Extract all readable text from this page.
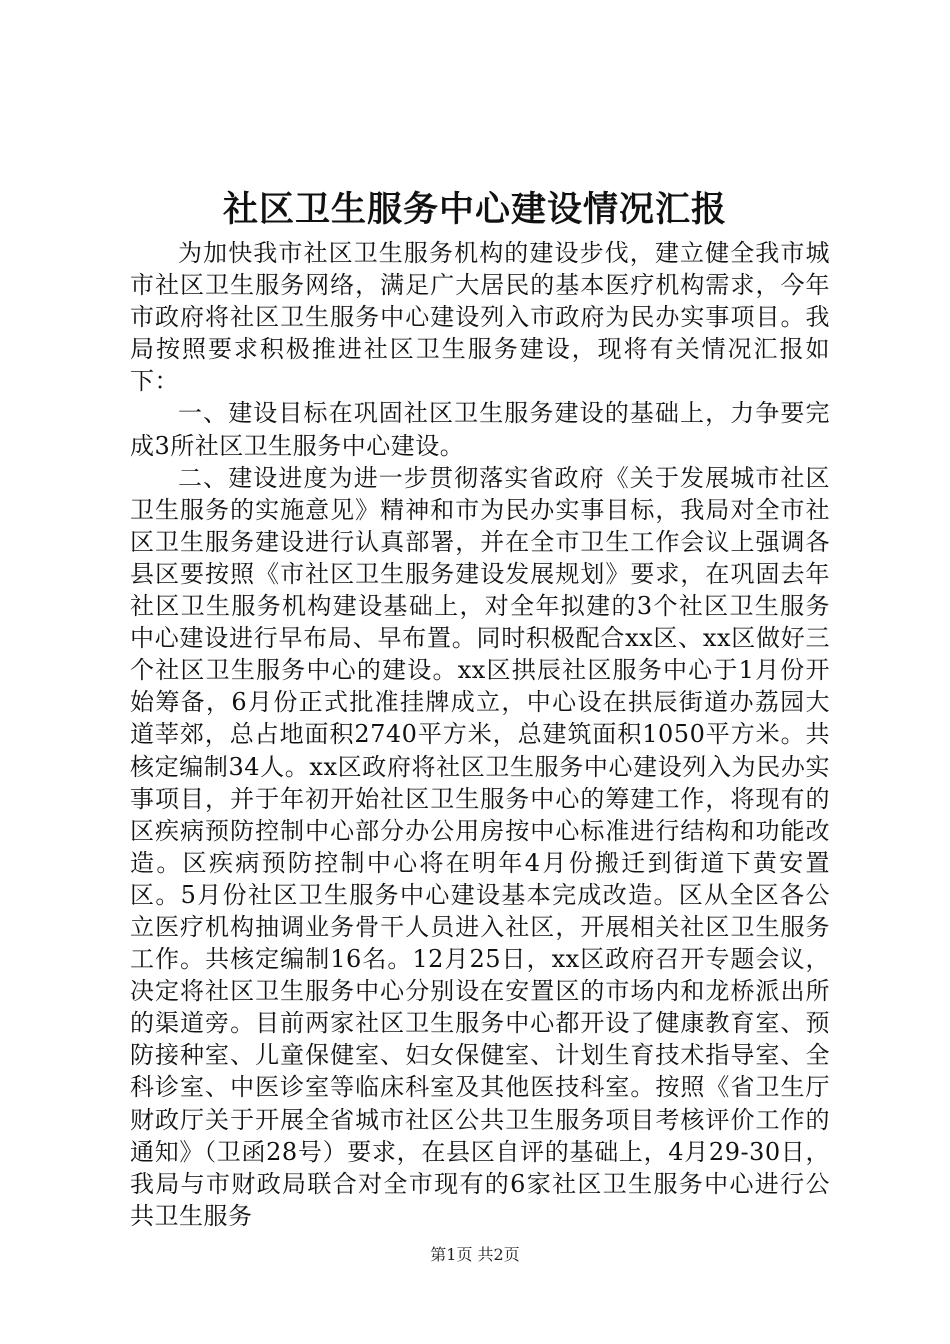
社区卫生服务中心建设情况汇报

为加快我市社区卫生服务机构的建设步伐，建立健全我市城市社区卫生服务网络，满足广大居民的基本医疗机构需求，今年市政府将社区卫生服务中心建设列入市政府为民办实事项目。我局按照要求积极推进社区卫生服务建设，现将有关情况汇报如下：

一、建设目标在巩固社区卫生服务建设的基础上，力争要完成3所社区卫生服务中心建设。

二、建设进度为进一步贯彻落实省政府《关于发展城市社区卫生服务的实施意见》精神和市为民办实事目标，我局对全市社区卫生服务建设进行认真部署，并在全市卫生工作会议上强调各县区要按照《市社区卫生服务建设发展规划》要求，在巩固去年社区卫生服务机构建设基础上，对全年拟建的3个社区卫生服务中心建设进行早布局、早布置。同时积极配合xx区、xx区做好三个社区卫生服务中心的建设。xx区拱辰社区服务中心于1月份开始筹备，6月份正式批准挂牌成立，中心设在拱辰街道办荔园大道莘郊，总占地面积2740平方米，总建筑面积1050平方米。共核定编制34人。xx区政府将社区卫生服务中心建设列入为民办实事项目，并于年初开始社区卫生服务中心的筹建工作，将现有的区疾病预防控制中心部分办公用房按中心标准进行结构和功能改造。区疾病预防控制中心将在明年4月份搬迁到街道下黄安置区。5月份社区卫生服务中心建设基本完成改造。区从全区各公立医疗机构抽调业务骨干人员进入社区，开展相关社区卫生服务工作。共核定编制16名。12月25日，xx区政府召开专题会议，决定将社区卫生服务中心分别设在安置区的市场内和龙桥派出所的渠道旁。目前两家社区卫生服务中心都开设了健康教育室、预防接种室、儿童保健室、妇女保健室、计划生育技术指导室、全科诊室、中医诊室等临床科室及其他医技科室。按照《省卫生厅财政厅关于开展全省城市社区公共卫生服务项目考核评价工作的通知》（卫函28号）要求，在县区自评的基础上，4月29-30日，我局与市财政局联合对全市现有的6家社区卫生服务中心进行公共卫生服务

第1页 共2页
